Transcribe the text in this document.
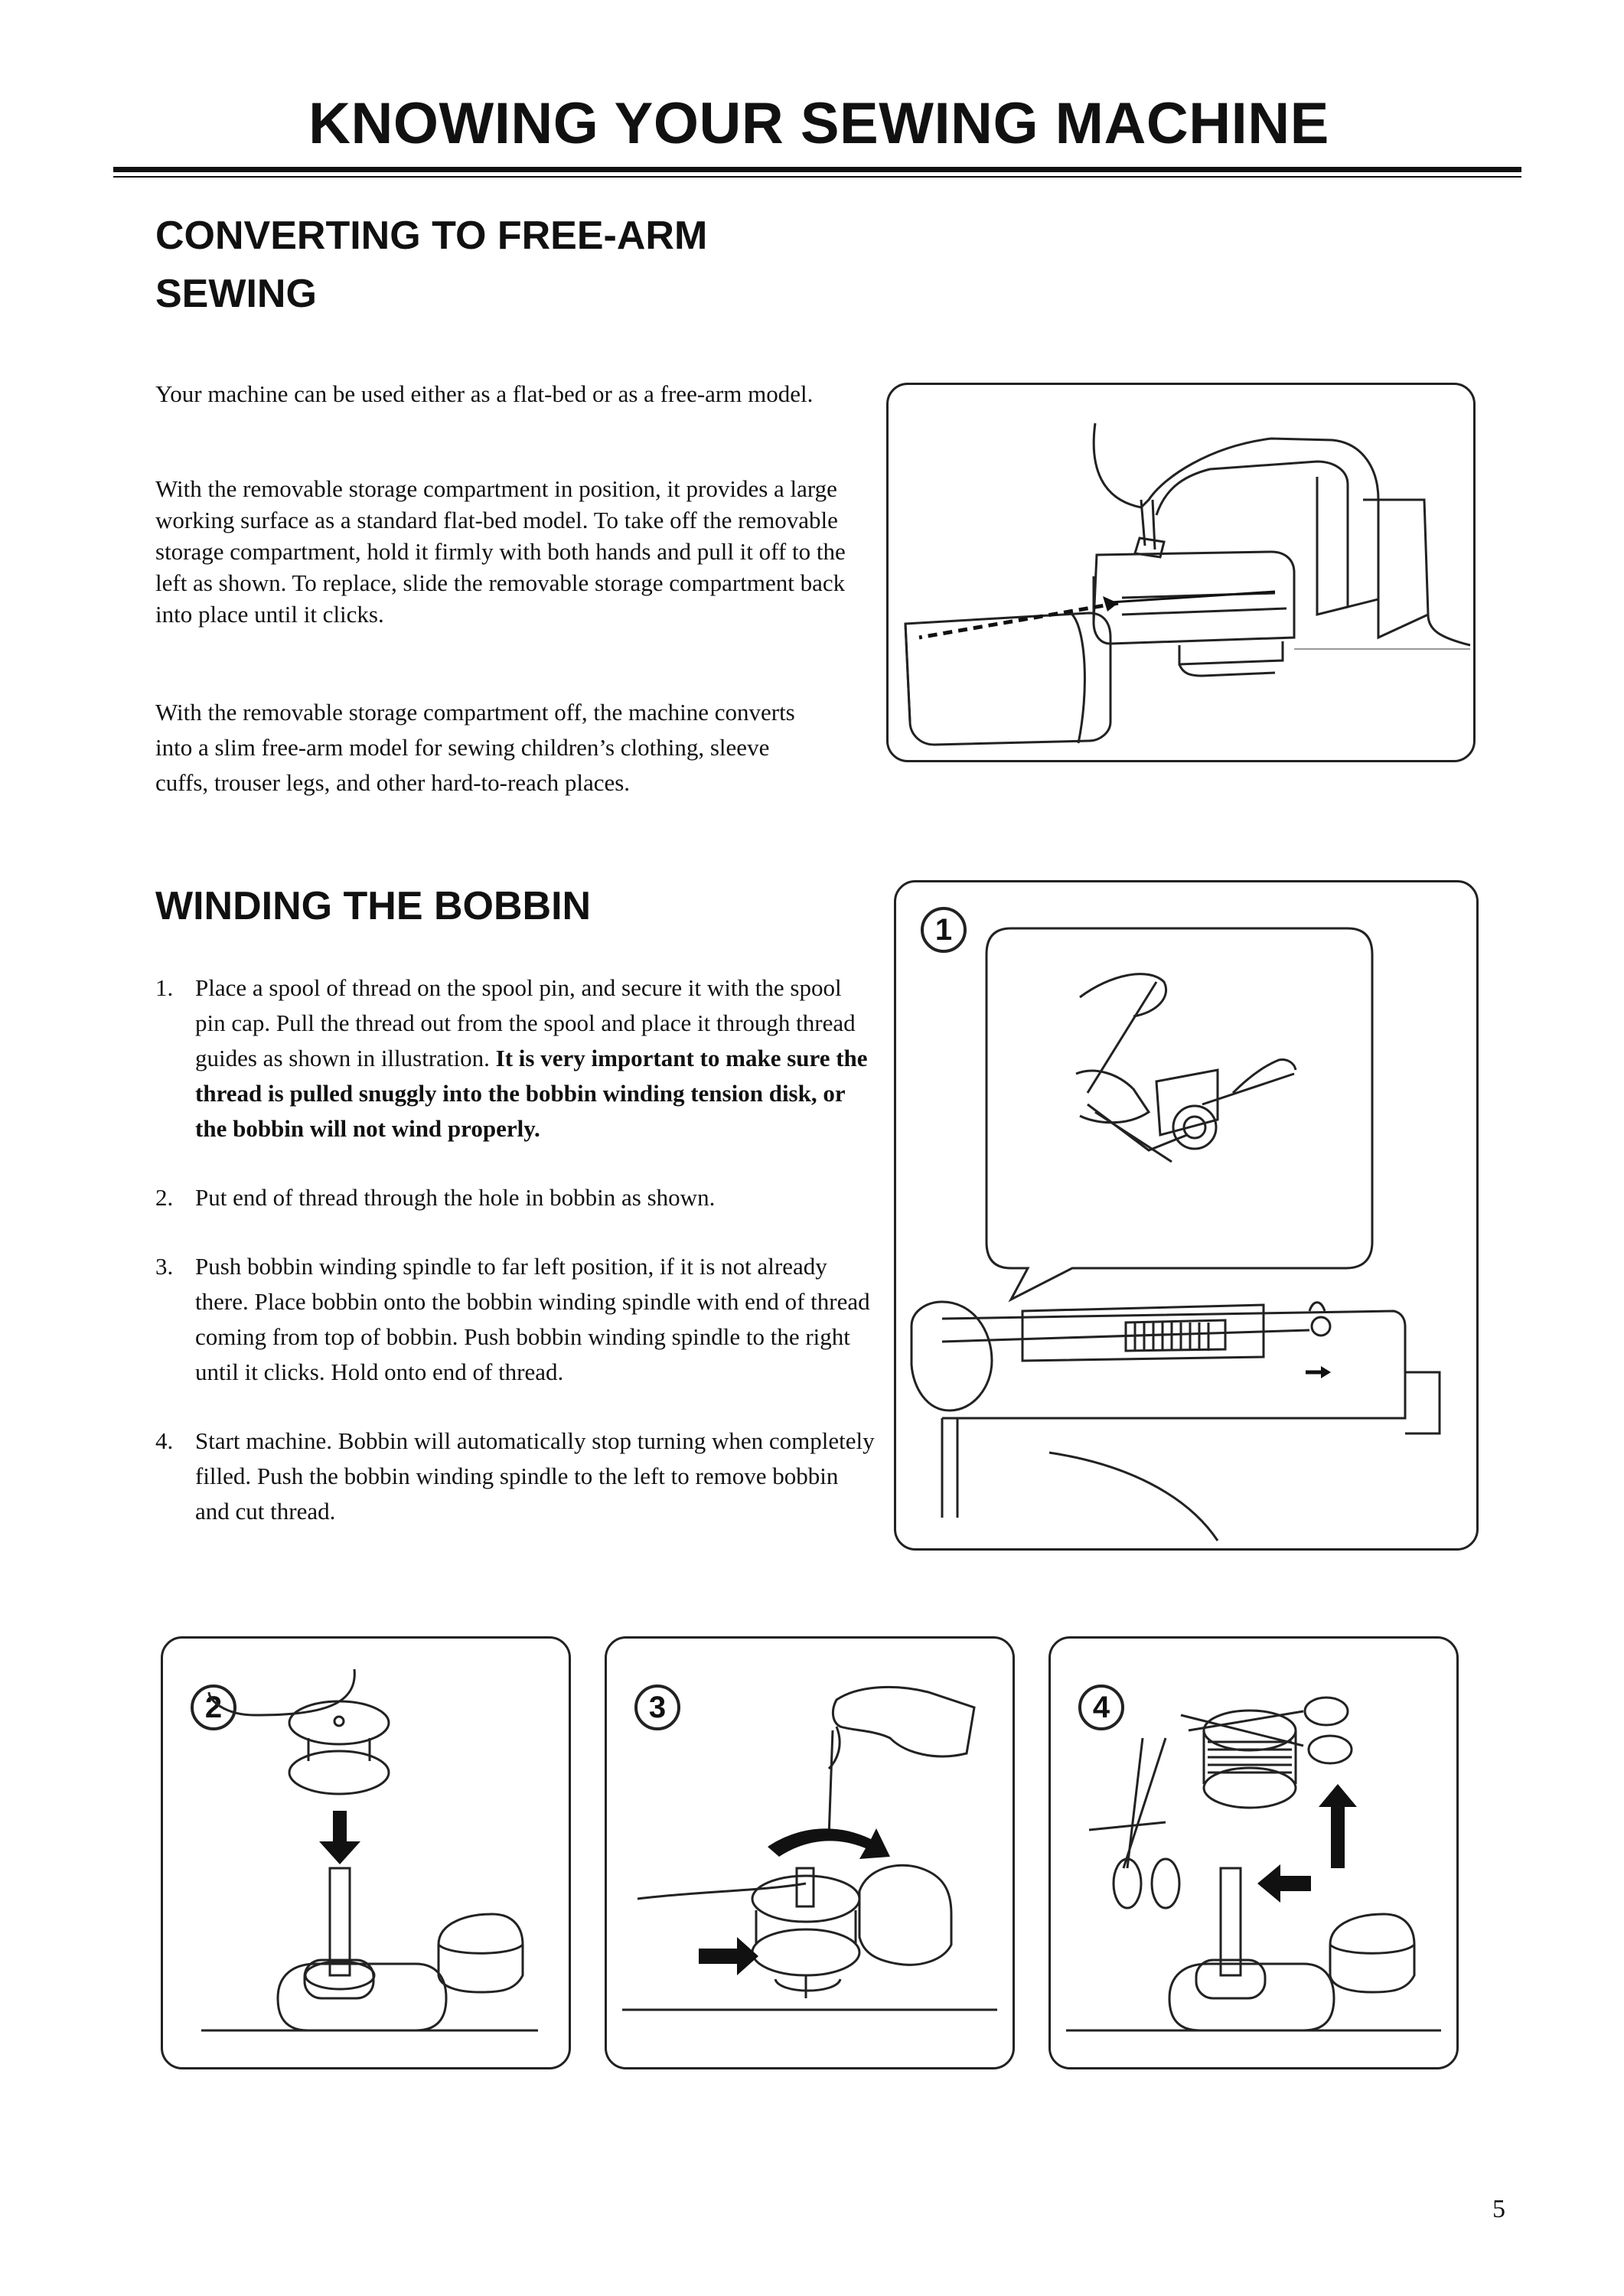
KNOWING YOUR SEWING MACHINE
CONVERTING TO FREE-ARM
SEWING

Your machine can be used either as a flat-bed or as a free-arm model.

With the removable storage compartment in position, it provides a large working surface as a standard flat-bed model. To take off the removable storage compartment, hold it firmly with both hands and pull it off to the left as shown. To replace, slide the removable storage compartment back into place until it clicks.

With the removable storage compartment off, the machine converts into a slim free-arm model for sewing children’s clothing, sleeve cuffs, trouser legs, and other hard-to-reach places.

WINDING THE BOBBIN
1. Place a spool of thread on the spool pin, and secure it with the spool pin cap. Pull the thread out from the spool and place it through thread guides as shown in illustration. It is very important to make sure the thread is pulled snuggly into the bobbin winding tension disk, or the bobbin will not wind properly.
2. Put end of thread through the hole in bobbin as shown.
3. Push bobbin winding spindle to far left position, if it is not already there. Place bobbin onto the bobbin winding spindle with end of thread coming from top of bobbin. Push bobbin winding spindle to the right until it clicks. Hold onto end of thread.
4. Start machine. Bobbin will automatically stop turning when completely filled. Push the bobbin winding spindle to the left to remove bobbin and cut thread.
1
2	3	4
5
